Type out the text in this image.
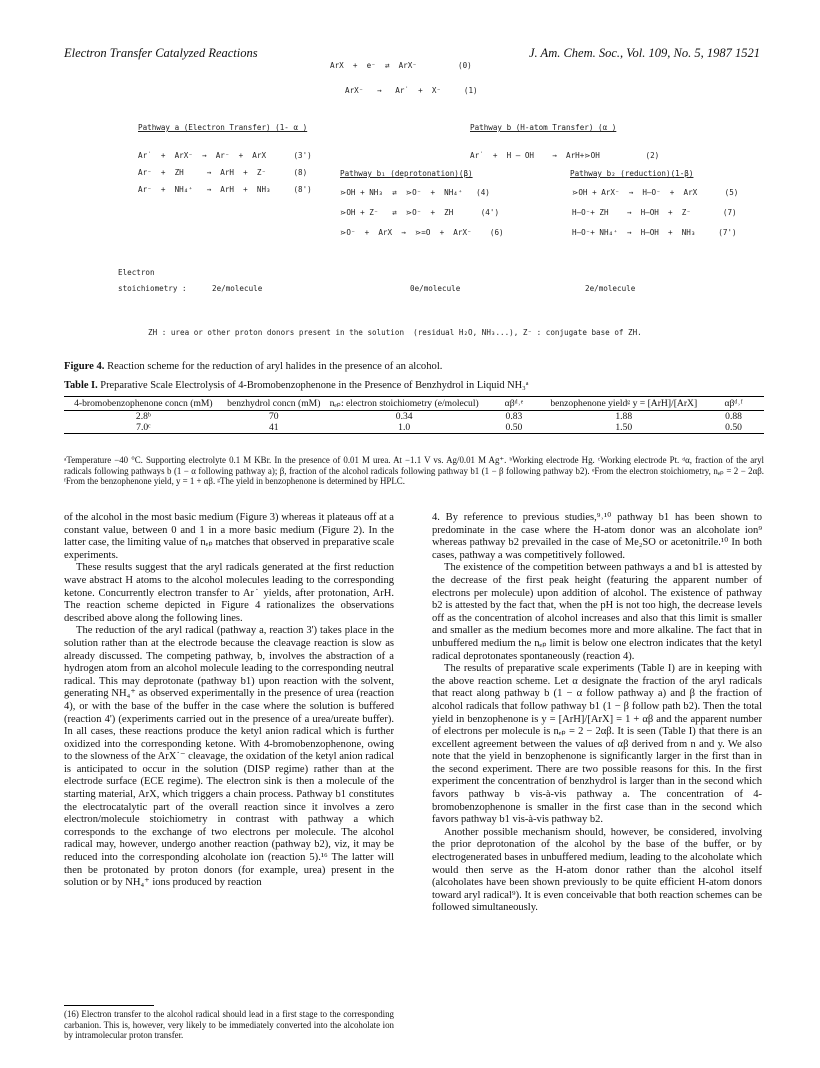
Electron Transfer Catalyzed Reactions	J. Am. Chem. Soc., Vol. 109, No. 5, 1987 1521
ArX  +  e⁻  ⇄  ArX⁻         (0)
ArX⁻   →   Ar˙  +  X⁻     (1)
Pathway a (Electron Transfer) (1- α )	Pathway b (H-atom Transfer) (α )
Ar˙  +  ArX⁻  →  Ar⁻  +  ArX      (3')
Ar⁻  +  ZH     →  ArH  +  Z⁻      (8)
Ar⁻  +  NH₄⁺   →  ArH  +  NH₃     (8')
Ar˙  +  H — OH    →  ArH+⋗OH          (2)
Pathway b₁ (deprotonation)(β)	Pathway b₂ (reduction)(1-β)
⋗OH + NH₃  ⇄  ⋗O⁻  +  NH₄⁺   (4)
⋗OH + Z⁻   ⇄  ⋗O⁻  +  ZH      (4')
⋗O⁻  +  ArX  →  ⋗=O  +  ArX⁻    (6)
⋗OH + ArX⁻  →  H—O⁻  +  ArX      (5)
H—O⁻+ ZH    →  H—OH  +  Z⁻       (7)
H—O⁻+ NH₄⁺  →  H—OH  +  NH₃     (7')
Electron
stoichiometry :	2e/molecule	0e/molecule	2e/molecule
ZH : urea or other proton donors present in the solution  (residual H₂O, NH₃...), Z⁻ : conjugate base of ZH.
Figure 4. Reaction scheme for the reduction of aryl halides in the presence of an alcohol.
Table I. Preparative Scale Electrolysis of 4-Bromobenzophenone in the Presence of Benzhydrol in Liquid NH₃ᵃ
4-bromobenzophenone concn (mM)	benzhydrol concn (mM)	nₑₚ: electron stoichiometry (e/molecul)	αβᵈ˒ᵉ	benzophenone yieldᵍ y = [ArH]/[ArX]	αβᵈ˒ᶠ
2.8ᵇ	70	0.34	0.83	1.88	0.88
7.0ᶜ	41	1.0	0.50	1.50	0.50
ᵃTemperature −40 °C. Supporting electrolyte 0.1 M KBr. In the presence of 0.01 M urea. At −1.1 V vs. Ag/0.01 M Ag⁺. ᵇWorking electrode Hg. ᶜWorking electrode Pt. ᵈα, fraction of the aryl radicals following pathways b (1 − α following pathway a); β, fraction of the alcohol radicals following pathway b1 (1 − β following pathway b2). ᵉFrom the electron stoichiometry, nₑₚ = 2 − 2αβ. ᶠFrom the benzophenone yield, y = 1 + αβ. ᵍThe yield in benzophenone is determined by HPLC.

of the alcohol in the most basic medium (Figure 3) whereas it plateaus off at a constant value, between 0 and 1 in a more basic medium (Figure 2). In the latter case, the limiting value of nₑₚ matches that observed in preparative scale experiments.

These results suggest that the aryl radicals generated at the first reduction wave abstract H atoms to the alcohol molecules leading to the corresponding ketone. Concurrently electron transfer to Ar˙ yields, after protonation, ArH. The reaction scheme depicted in Figure 4 rationalizes the observations described above along the following lines.

The reduction of the aryl radical (pathway a, reaction 3') takes place in the solution rather than at the electrode because the cleavage reaction is slow as already discussed. The competing pathway, b, involves the abstraction of a hydrogen atom from an alcohol molecule leading to the corresponding neutral radical. This may deprotonate (pathway b1) upon reaction with the solvent, generating NH₄⁺ as observed experimentally in the presence of urea (reaction 4), or with the base of the buffer in the case where the solution is buffered (reaction 4') (experiments carried out in the presence of a urea/ureate buffer). In all cases, these reactions produce the ketyl anion radical which is further oxidized into the corresponding ketone. With 4-bromobenzophenone, owing to the slowness of the ArX˙⁻ cleavage, the oxidation of the ketyl anion radical is anticipated to occur in the solution (DISP regime) rather than at the electrode surface (ECE regime). The electron sink is then a molecule of the starting material, ArX, which triggers a chain process. Pathway b1 constitutes the electrocatalytic part of the overall reaction since it involves a zero electron/molecule stoichiometry in contrast with pathway a which corresponds to the exchange of two electrons per molecule. The alcohol radical may, however, undergo another reaction (pathway b2), viz, it may be reduced into the corresponding alcoholate ion (reaction 5).¹⁶ The latter will then be protonated by proton donors (for example, urea) present in the solution or by NH₄⁺ ions produced by reaction

(16) Electron transfer to the alcohol radical should lead in a first stage to the corresponding carbanion. This is, however, very likely to be immediately converted into the alcoholate ion by intramolecular proton transfer.

4. By reference to previous studies,⁹˒¹⁰ pathway b1 has been shown to predominate in the case where the H-atom donor was an alcoholate ion⁹ whereas pathway b2 prevailed in the case of Me₂SO or acetonitrile.¹⁰ In both cases, pathway a was competitively followed.

The existence of the competition between pathways a and b1 is attested by the decrease of the first peak height (featuring the apparent number of electrons per molecule) upon addition of alcohol. The existence of pathway b2 is attested by the fact that, when the pH is not too high, the decrease levels off as the concentration of alcohol increases and also that this limit is smaller and smaller as the medium becomes more and more alkaline. The fact that in unbuffered medium the nₑₚ limit is below one electron indicates that the ketyl radical deprotonates spontaneously (reaction 4).

The results of preparative scale experiments (Table I) are in keeping with the above reaction scheme. Let α designate the fraction of the aryl radicals that react along pathway b (1 − α follow pathway a) and β the fraction of alcohol radicals that follow pathway b1 (1 − β follow path b2). Then the total yield in benzophenone is y = [ArH]/[ArX] = 1 + αβ and the apparent number of electrons per molecule is nₑₚ = 2 − 2αβ. It is seen (Table I) that there is an excellent agreement between the values of αβ derived from n and y. We also note that the yield in benzophenone is significantly larger in the first than in the second experiment. There are two possible reasons for this. In the first experiment the concentration of benzhydrol is larger than in the second which favors pathway b vis-à-vis pathway a. The concentration of 4-bromobenzophenone is smaller in the first case than in the second which favors pathway b1 vis-à-vis pathway b2.

Another possible mechanism should, however, be considered, involving the prior deprotonation of the alcohol by the base of the buffer, or by electrogenerated bases in unbuffered medium, leading to the alcoholate which would then serve as the H-atom donor rather than the alcohol itself (alcoholates have been shown previously to be quite efficient H-atom donors toward aryl radical⁹). It is even conceivable that both reaction schemes can be followed simultaneously.
